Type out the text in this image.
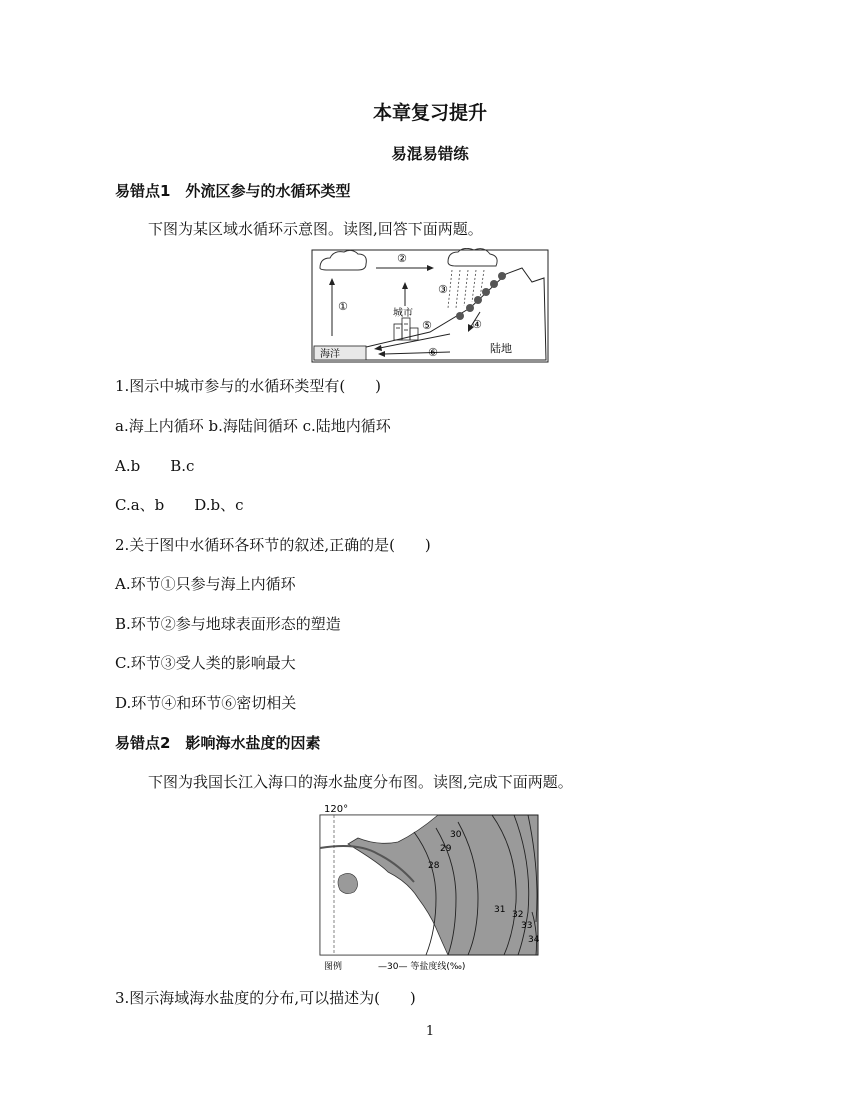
本章复习提升
易混易错练
易错点1　外流区参与的水循环类型
下图为某区域水循环示意图。读图,回答下面两题。
①
②
③
④
⑤
⑥
城市
海洋	陆地
1.图示中城市参与的水循环类型有(　　)
a.海上内循环 b.海陆间循环 c.陆地内循环
A.b　　B.c
C.a、b　　D.b、c
2.关于图中水循环各环节的叙述,正确的是(　　)
A.环节①只参与海上内循环
B.环节②参与地球表面形态的塑造
C.环节③受人类的影响最大
D.环节④和环节⑥密切相关
易错点2　影响海水盐度的因素
下图为我国长江入海口的海水盐度分布图。读图,完成下面两题。
120°
28
29
30
31 32
33
34
图例	—30— 等盐度线(‰)
3.图示海域海水盐度的分布,可以描述为(　　)
1
